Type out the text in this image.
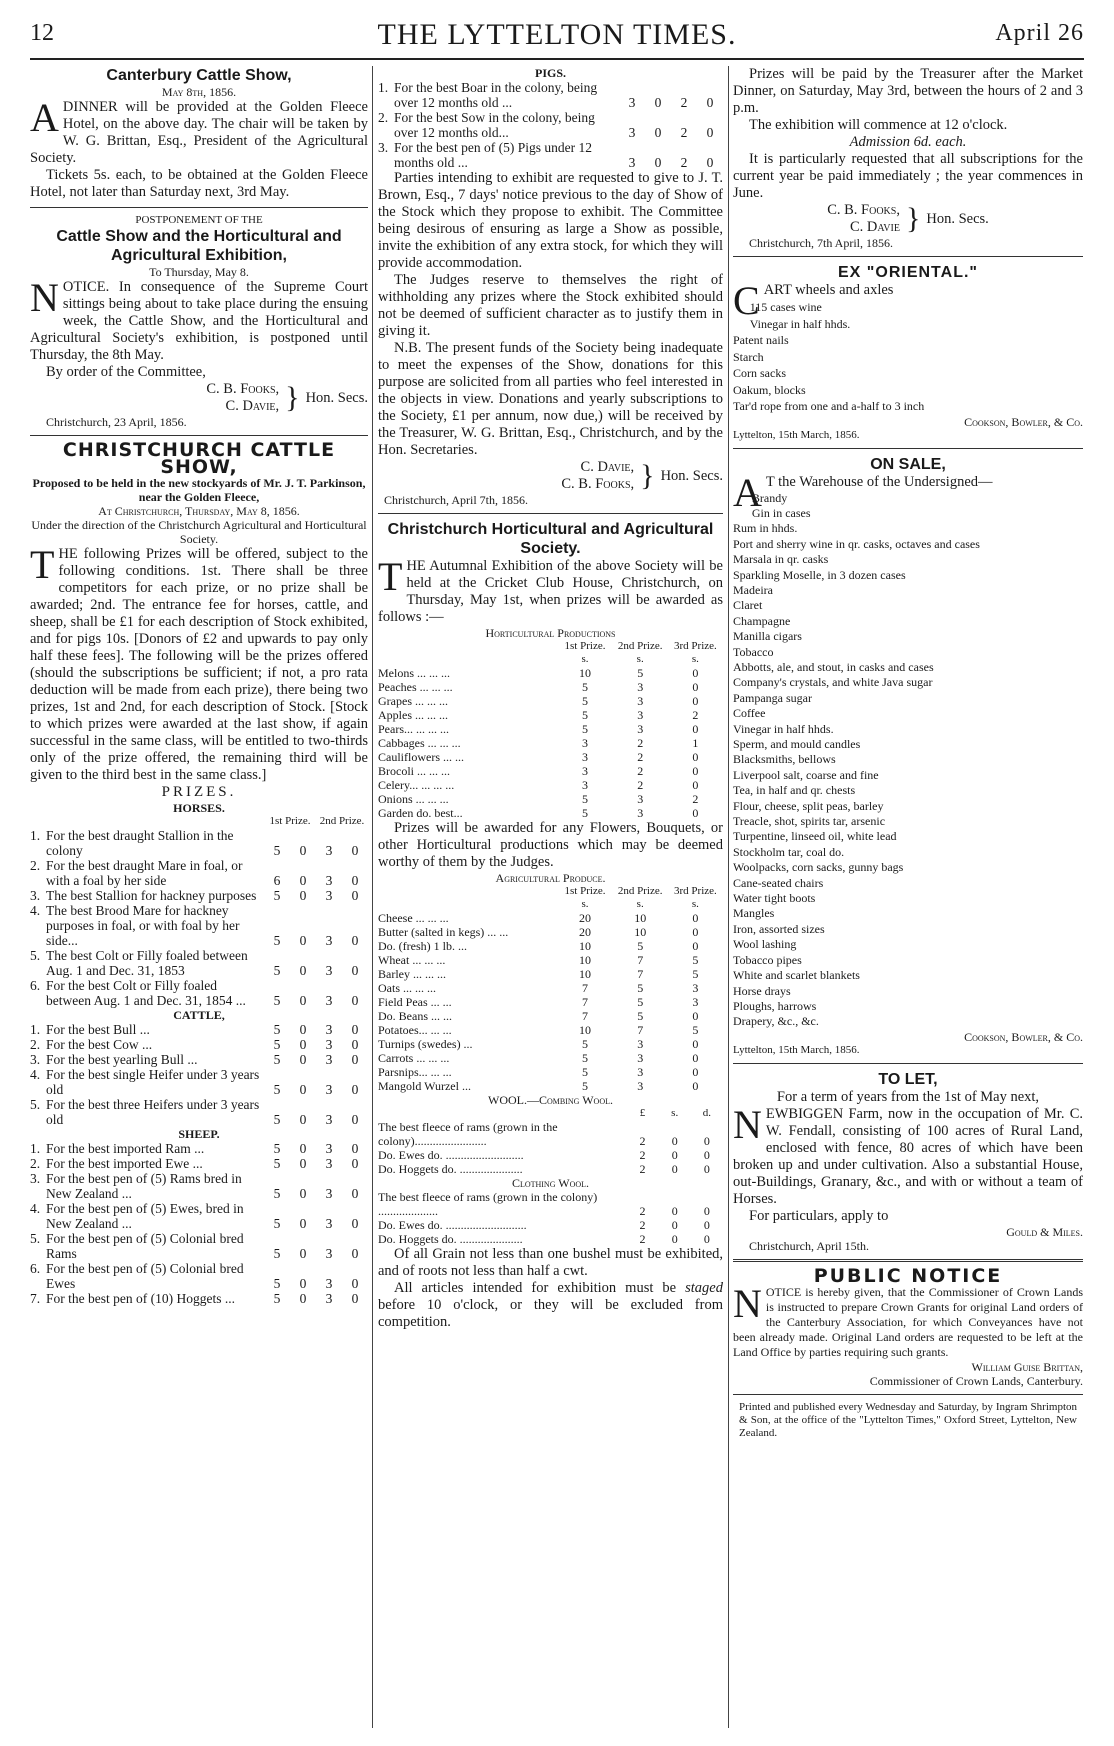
12	THE LYTTELTON TIMES.	April 26
Canterbury Cattle Show,
May 8th, 1856.

ADINNER will be provided at the Golden Fleece Hotel, on the above day. The chair will be taken by W. G. Brittan, Esq., President of the Agricultural Society.

Tickets 5s. each, to be obtained at the Golden Fleece Hotel, not later than Saturday next, 3rd May.

POSTPONEMENT OF THE
Cattle Show and the Horticultural and Agricultural Exhibition,
To Thursday, May 8.

NOTICE. In consequence of the Supreme Court sittings being about to take place during the ensuing week, the Cattle Show, and the Horticultural and Agricultural Society's exhibition, is postponed until Thursday, the 8th May.

By order of the Committee,

C. B. Fooks,
C. Davie, } Hon. Secs.
Christchurch, 23 April, 1856.
CHRISTCHURCH CATTLE SHOW,
Proposed to be held in the new stockyards of Mr. J. T. Parkinson, near the Golden Fleece,
At Christchurch, Thursday, May 8, 1856.
Under the direction of the Christchurch Agricultural and Horticultural Society.

THE following Prizes will be offered, subject to the following conditions. 1st. There shall be three competitors for each prize, or no prize shall be awarded; 2nd. The entrance fee for horses, cattle, and sheep, shall be £1 for each description of Stock exhibited, and for pigs 10s. [Donors of £2 and upwards to pay only half these fees]. The following will be the prizes offered (should the subscriptions be sufficient; if not, a pro rata deduction will be made from each prize), there being two prizes, 1st and 2nd, for each description of Stock. [Stock to which prizes were awarded at the last show, if again successful in the same class, will be entitled to two-thirds only of the prize offered, the remaining third will be given to the third best in the same class.]

PRIZES.
HORSES.
		1st Prize.		2nd Prize.	
1.	For the best draught Stallion in the colony	5	0	3	0
2.	For the best draught Mare in foal, or with a foal by her side	6	0	3	0
3.	The best Stallion for hackney purposes	5	0	3	0
4.	The best Brood Mare for hackney purposes in foal, or with foal by her side...	5	0	3	0
5.	The best Colt or Filly foaled between Aug. 1 and Dec. 31, 1853	5	0	3	0
6.	For the best Colt or Filly foaled between Aug. 1 and Dec. 31, 1854 ...	5	0	3	0
CATTLE,
1.	For the best Bull ...	5	0	3	0
2.	For the best Cow ...	5	0	3	0
3.	For the best yearling Bull ...	5	0	3	0
4.	For the best single Heifer under 3 years old	5	0	3	0
5.	For the best three Heifers under 3 years old	5	0	3	0
SHEEP.
1.	For the best imported Ram ...	5	0	3	0
2.	For the best imported Ewe ...	5	0	3	0
3.	For the best pen of (5) Rams bred in New Zealand ...	5	0	3	0
4.	For the best pen of (5) Ewes, bred in New Zealand ...	5	0	3	0
5.	For the best pen of (5) Colonial bred Rams	5	0	3	0
6.	For the best pen of (5) Colonial bred Ewes	5	0	3	0
7.	For the best pen of (10) Hoggets ...	5	0	3	0
PIGS.
1.	For the best Boar in the colony, being over 12 months old ...	3	0	2	0
2.	For the best Sow in the colony, being over 12 months old...	3	0	2	0
3.	For the best pen of (5) Pigs under 12 months old ...	3	0	2	0

Parties intending to exhibit are requested to give to J. T. Brown, Esq., 7 days' notice previous to the day of Show of the Stock which they propose to exhibit. The Committee being desirous of ensuring as large a Show as possible, invite the exhibition of any extra stock, for which they will provide accommodation.

The Judges reserve to themselves the right of withholding any prizes where the Stock exhibited should not be deemed of sufficient character as to justify them in giving it.

N.B. The present funds of the Society being inadequate to meet the expenses of the Show, donations for this purpose are solicited from all parties who feel interested in the objects in view. Donations and yearly subscriptions to the Society, £1 per annum, now due,) will be received by the Treasurer, W. G. Brittan, Esq., Christchurch, and by the Hon. Secretaries.

C. Davie,
C. B. Fooks, } Hon. Secs.
Christchurch, April 7th, 1856.
Christchurch Horticultural and Agricultural Society.

THE Autumnal Exhibition of the above Society will be held at the Cricket Club House, Christchurch, on Thursday, May 1st, when prizes will be awarded as follows :—

Horticultural Productions
	1st Prize.	2nd Prize.	3rd Prize.
	s.	s.	s.
Melons ... ... ...	10	5	0
Peaches ... ... ...	5	3	0
Grapes ... ... ...	5	3	0
Apples ... ... ...	5	3	2
Pears... ... ... ...	5	3	0
Cabbages ... ... ...	3	2	1
Cauliflowers ... ...	3	2	0
Brocoli ... ... ...	3	2	0
Celery... ... ... ...	3	2	0
Onions ... ... ...	5	3	2
Garden do. best...	5	3	0

Prizes will be awarded for any Flowers, Bouquets, or other Horticultural productions which may be deemed worthy of them by the Judges.

Agricultural Produce.
	1st Prize.	2nd Prize.	3rd Prize.
	s.	s.	s.
Cheese ... ... ...	20	10	0
Butter (salted in kegs) ... ...	20	10	0
Do. (fresh) 1 lb. ...	10	5	0
Wheat ... ... ...	10	7	5
Barley ... ... ...	10	7	5
Oats ... ... ...	7	5	3
Field Peas ... ...	7	5	3
Do. Beans ... ...	7	5	0
Potatoes... ... ...	10	7	5
Turnips (swedes) ...	5	3	0
Carrots ... ... ...	5	3	0
Parsnips... ... ...	5	3	0
Mangold Wurzel ...	5	3	0
WOOL.—Combing Wool.
	£	s.	d.
The best fleece of rams (grown in the colony)........................	2	0	0
Do. Ewes do. ..........................	2	0	0
Do. Hoggets do. .....................	2	0	0
Clothing Wool.
The best fleece of rams (grown in the colony) ....................	2	0	0
Do. Ewes do. ...........................	2	0	0
Do. Hoggets do. .....................	2	0	0

Of all Grain not less than one bushel must be exhibited, and of roots not less than half a cwt.

All articles intended for exhibition must be staged before 10 o'clock, or they will be excluded from competition.

Prizes will be paid by the Treasurer after the Market Dinner, on Saturday, May 3rd, between the hours of 2 and 3 p.m.

The exhibition will commence at 12 o'clock.

Admission 6d. each.

It is particularly requested that all subscriptions for the current year be paid immediately ; the year commences in June.

C. B. Fooks,
C. Davie } Hon. Secs.
Christchurch, 7th April, 1856.
EX "ORIENTAL."

CART wheels and axles

115 cases wine
Vinegar in half hhds.
Patent nails
Starch
Corn sacks
Oakum, blocks
Tar'd rope from one and a-half to 3 inch
Cookson, Bowler, & Co.
Lyttelton, 15th March, 1856.
ON SALE,

A T the Warehouse of the Undersigned—

Brandy
Gin in cases
Rum in hhds.
Port and sherry wine in qr. casks, octaves and cases
Marsala in qr. casks
Sparkling Moselle, in 3 dozen cases
Madeira
Claret
Champagne
Manilla cigars
Tobacco
Abbotts, ale, and stout, in casks and cases
Company's crystals, and white Java sugar
Pampanga sugar
Coffee
Vinegar in half hhds.
Sperm, and mould candles
Blacksmiths, bellows
Liverpool salt, coarse and fine
Tea, in half and qr. chests
Flour, cheese, split peas, barley
Treacle, shot, spirits tar, arsenic
Turpentine, linseed oil, white lead
Stockholm tar, coal do.
Woolpacks, corn sacks, gunny bags
Cane-seated chairs
Water tight boots
Mangles
Iron, assorted sizes
Wool lashing
Tobacco pipes
White and scarlet blankets
Horse drays
Ploughs, harrows
Drapery, &c., &c.
Cookson, Bowler, & Co.
Lyttelton, 15th March, 1856.
TO LET,
For a term of years from the 1st of May next,

NEWBIGGEN Farm, now in the occupation of Mr. C. W. Fendall, consisting of 100 acres of Rural Land, enclosed with fence, 80 acres of which have been broken up and under cultivation. Also a substantial House, out-Buildings, Granary, &c., and with or without a team of Horses.

For particulars, apply to

Gould & Miles.
Christchurch, April 15th.
PUBLIC NOTICE

NOTICE is hereby given, that the Commissioner of Crown Lands is instructed to prepare Crown Grants for original Land orders of the Canterbury Association, for which Conveyances have not been already made. Original Land orders are requested to be left at the Land Office by parties requiring such grants.

William Guise Brittan,
Commissioner of Crown Lands, Canterbury.

Printed and published every Wednesday and Saturday, by Ingram Shrimpton & Son, at the office of the "Lyttelton Times," Oxford Street, Lyttelton, New Zealand.
